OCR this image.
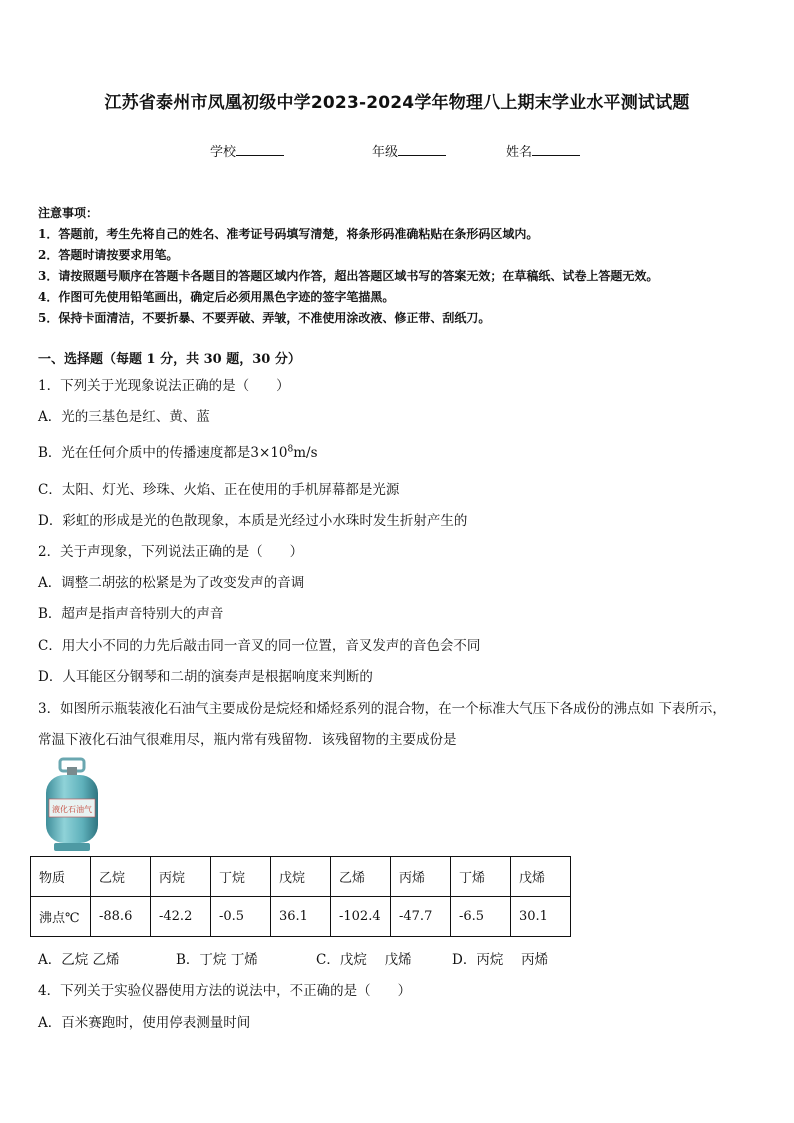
江苏省泰州市凤凰初级中学2023-2024学年物理八上期末学业水平测试试题
学校	年级	姓名
注意事项：
1．答题前，考生先将自己的姓名、准考证号码填写清楚，将条形码准确粘贴在条形码区域内。
2．答题时请按要求用笔。
3．请按照题号顺序在答题卡各题目的答题区域内作答，超出答题区域书写的答案无效；在草稿纸、试卷上答题无效。
4．作图可先使用铅笔画出，确定后必须用黑色字迹的签字笔描黑。
5．保持卡面清洁，不要折暴、不要弄破、弄皱，不准使用涂改液、修正带、刮纸刀。
一、选择题（每题 1 分，共 30 题，30 分）
1．下列关于光现象说法正确的是（　　）
A．光的三基色是红、黄、蓝
B．光在任何介质中的传播速度都是$3\times 10^8m/s$
C．太阳、灯光、珍珠、火焰、正在使用的手机屏幕都是光源
D．彩虹的形成是光的色散现象，本质是光经过小水珠时发生折射产生的
2．关于声现象，下列说法正确的是（　　）
A．调整二胡弦的松紧是为了改变发声的音调
B．超声是指声音特别大的声音
C．用大小不同的力先后敲击同一音叉的同一位置，音叉发声的音色会不同
D．人耳能区分钢琴和二胡的演奏声是根据响度来判断的
3．如图所示瓶装液化石油气主要成份是烷烃和烯烃系列的混合物，在一个标准大气压下各成份的沸点如 下表所示，
常温下液化石油气很难用尽，瓶内常有残留物．该残留物的主要成份是
液化石油气
物质	乙烷	丙烷	丁烷	戊烷	乙烯	丙烯	丁烯	戊烯
沸点℃	-88.6	-42.2	-0.5	36.1	-102.4	-47.7	-6.5	30.1
A．乙烷 乙烯	B．丁烷 丁烯	C．戊烷　 戊烯	D．丙烷　 丙烯
4．下列关于实验仪器使用方法的说法中，不正确的是（　　）
A．百米赛跑时，使用停表测量时间
